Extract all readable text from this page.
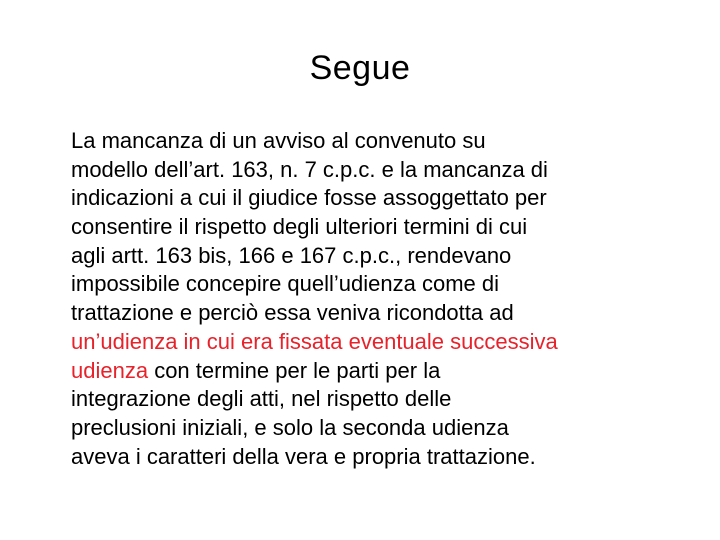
Segue
La mancanza di un avviso al convenuto su
modello dell’art. 163, n. 7 c.p.c. e la mancanza di
indicazioni a cui il giudice fosse assoggettato per
consentire il rispetto degli ulteriori termini di cui
agli artt. 163 bis, 166 e 167 c.p.c., rendevano
impossibile concepire quell’udienza come di
trattazione e perciò essa veniva ricondotta ad
un’udienza in cui era fissata eventuale successiva
udienza con termine per le parti per la
integrazione degli atti, nel rispetto delle
preclusioni iniziali, e solo la seconda udienza
aveva i caratteri della vera e propria trattazione.
